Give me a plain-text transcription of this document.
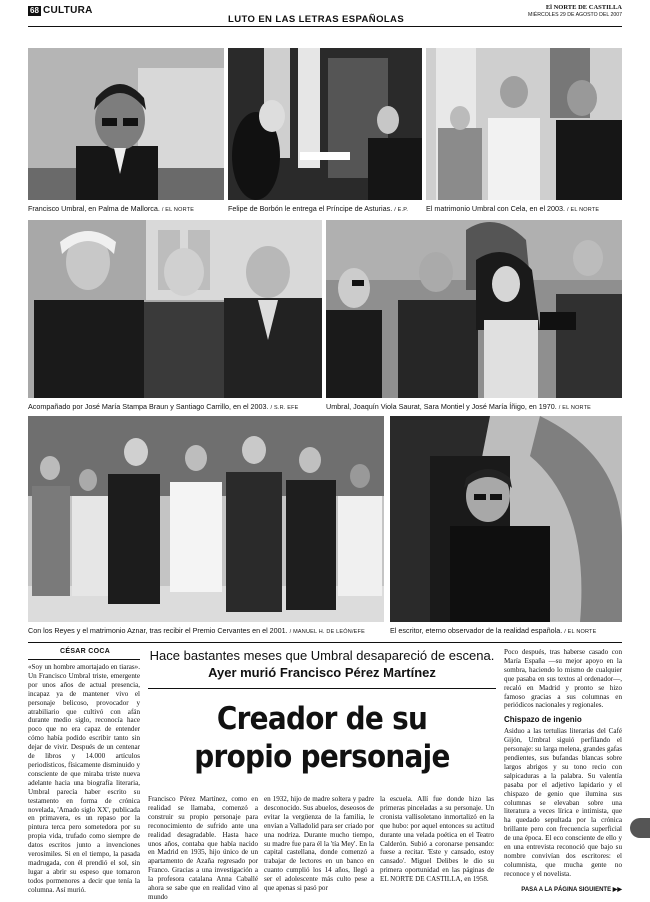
68 CULTURA
LUTO EN LAS LETRAS ESPAÑOLAS
El NORTE DE CASTILLA
MIÉRCOLES 29 DE AGOSTO DEL 2007
Francisco Umbral, en Palma de Mallorca. / EL NORTE	Felipe de Borbón le entrega el Príncipe de Asturias. / E.P.	El matrimonio Umbral con Cela, en el 2003. / EL NORTE
Acompañado por José María Stampa Braun y Santiago Carrillo, en el 2003. / S.R. EFE	Umbral, Joaquín Viola Saurat, Sara Montiel y José María Íñigo, en 1970. / EL NORTE
Con los Reyes y el matrimonio Aznar, tras recibir el Premio Cervantes en el 2001. / MANUEL H. DE LEÓN/EFE	El escritor, eterno observador de la realidad española. / EL NORTE
CÉSAR COCA

«Soy un hombre amortajado en tiaras». Un Francisco Umbral triste, emergente por unos años de actual presencia, incapaz ya de mantener vivo el personaje belicoso, provocador y atrabiliario que cultivó con afán durante medio siglo, reconocía hace poco que no era capaz de entender cómo había podido escribir tanto sin dejar de vivir. Después de un centenar de libros y 14.000 artículos periodísticos, físicamente disminuido y consciente de que miraba triste nueva adelante hacia una biografía literaria, Umbral parecía haber escrito su testamento en forma de crónica novelada, 'Amado siglo XX', publicada en primavera, es un repaso por la pintura terca pero sometedora por su propia vida, trufado como siempre de datos escritos junto a invenciones verosímiles. Si en el tiempo, la pasada madrugada, con él prendió el sol, sin lugar a abrir su espeso que tomaron todos pormenores a decir que tenía la columna. Así murió.

Hace bastantes meses que Umbral desapareció de escena. Ayer murió Francisco Pérez Martínez
Creador de su
propio personaje

Francisco Pérez Martínez, como en realidad se llamaba, comenzó a construir su propio personaje para reconocimiento de sufrido ante una realidad desagradable. Hasta hace unos años, contaba que había nacido en Madrid en 1935, hijo único de un apartamento de Azaña regresado por Franco. Gracias a una investigación a la profesora catalana Anna Caballé ahora se sabe que en realidad vino al mundo

en 1932, hijo de madre soltera y padre desconocido. Sus abuelos, deseosos de evitar la vergüenza de la familia, le envían a Valladolid para ser criado por una nodriza. Durante mucho tiempo, su madre fue para él la 'tía Mey'. En la capital castellana, donde comenzó a trabajar de lectores en un banco en cuanto cumplió los 14 años, llegó a ser el adolescente más culto pese a que apenas si pasó por

la escuela. Allí fue donde hizo las primeras pinceladas a su personaje. Un cronista vallisoletano inmortalizó en la que hubo: por aquel entonces su actitud durante una velada poética en el Teatro Calderón. Subió a coronarse pensando: fuese a recitar. 'Este y cansado, estoy cansado'. Miguel Delibes le dio su primera oportunidad en las páginas de EL NORTE DE CASTILLA, en 1958.

Poco después, tras haberse casado con María España —su mejor apoyo en la sombra, haciendo lo mismo de cualquier que pasaba en sus textos al ordenador—, recaló en Madrid y pronto se hizo famoso gracias a sus columnas en periódicos nacionales y regionales.

Chispazo de ingenio

Asiduo a las tertulias literarias del Café Gijón, Umbral siguió perfilando el personaje: su larga melena, grandes gafas pendientes, sus bufandas blancas sobre largos abrigos y su tono recio con salpicaduras a la palabra. Su valentía pasaba por el adjetivo lapidario y el chispazo de genio que ilumina sus columnas se elevaban sobre una literatura a veces lírica e intimista, que ha quedado sepultada por la crónica brillante pero con frecuencia superficial de una época. El eco consciente de ello y en una entrevista reconoció que bajo su nombre convivían dos escritores: el columnista, que mucha gente no reconoce y el novelista.

PASA A LA PÁGINA SIGUIENTE ▶▶
